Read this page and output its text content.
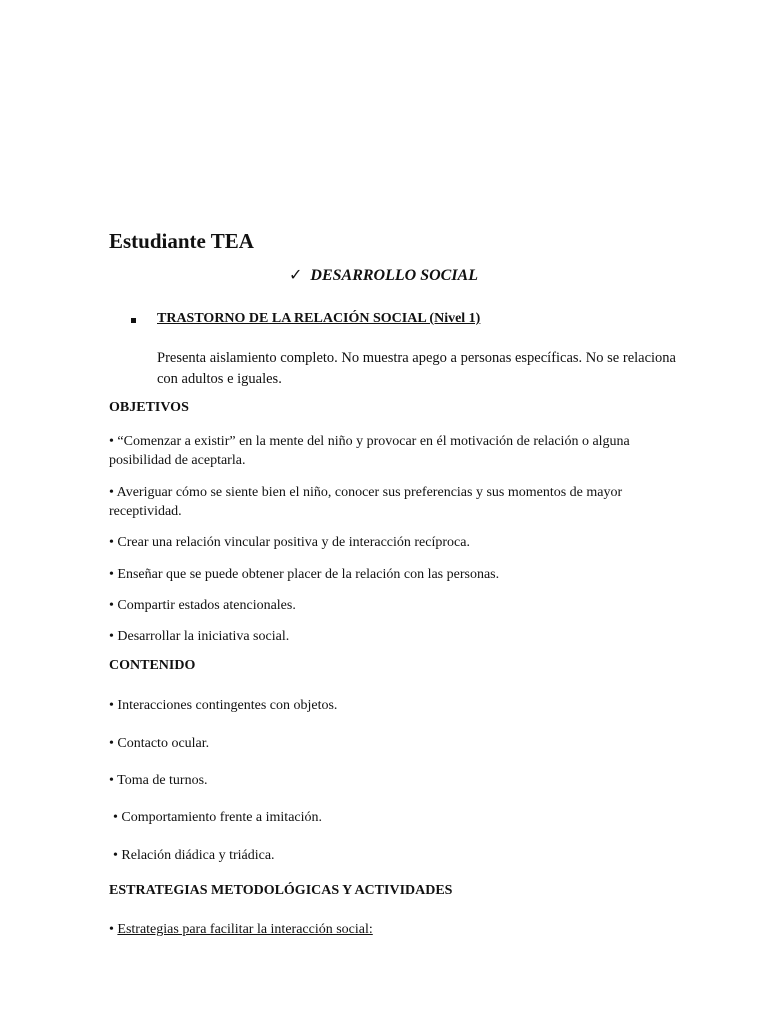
Estudiante TEA
✓ DESARROLLO SOCIAL
TRASTORNO DE LA RELACIÓN SOCIAL (Nivel 1)
Presenta aislamiento completo. No muestra apego a personas específicas. No se relaciona con adultos e iguales.
OBJETIVOS
• “Comenzar a existir” en la mente del niño y provocar en él motivación de relación o alguna posibilidad de aceptarla.
• Averiguar cómo se siente bien el niño, conocer sus preferencias y sus momentos de mayor receptividad.
• Crear una relación vincular positiva y de interacción recíproca.
• Enseñar que se puede obtener placer de la relación con las personas.
• Compartir estados atencionales.
• Desarrollar la iniciativa social.
CONTENIDO
• Interacciones contingentes con objetos.
• Contacto ocular.
• Toma de turnos.
• Comportamiento frente a imitación.
• Relación diádica y triádica.
ESTRATEGIAS METODOLÓGICAS Y ACTIVIDADES
• Estrategias para facilitar la interacción social:
